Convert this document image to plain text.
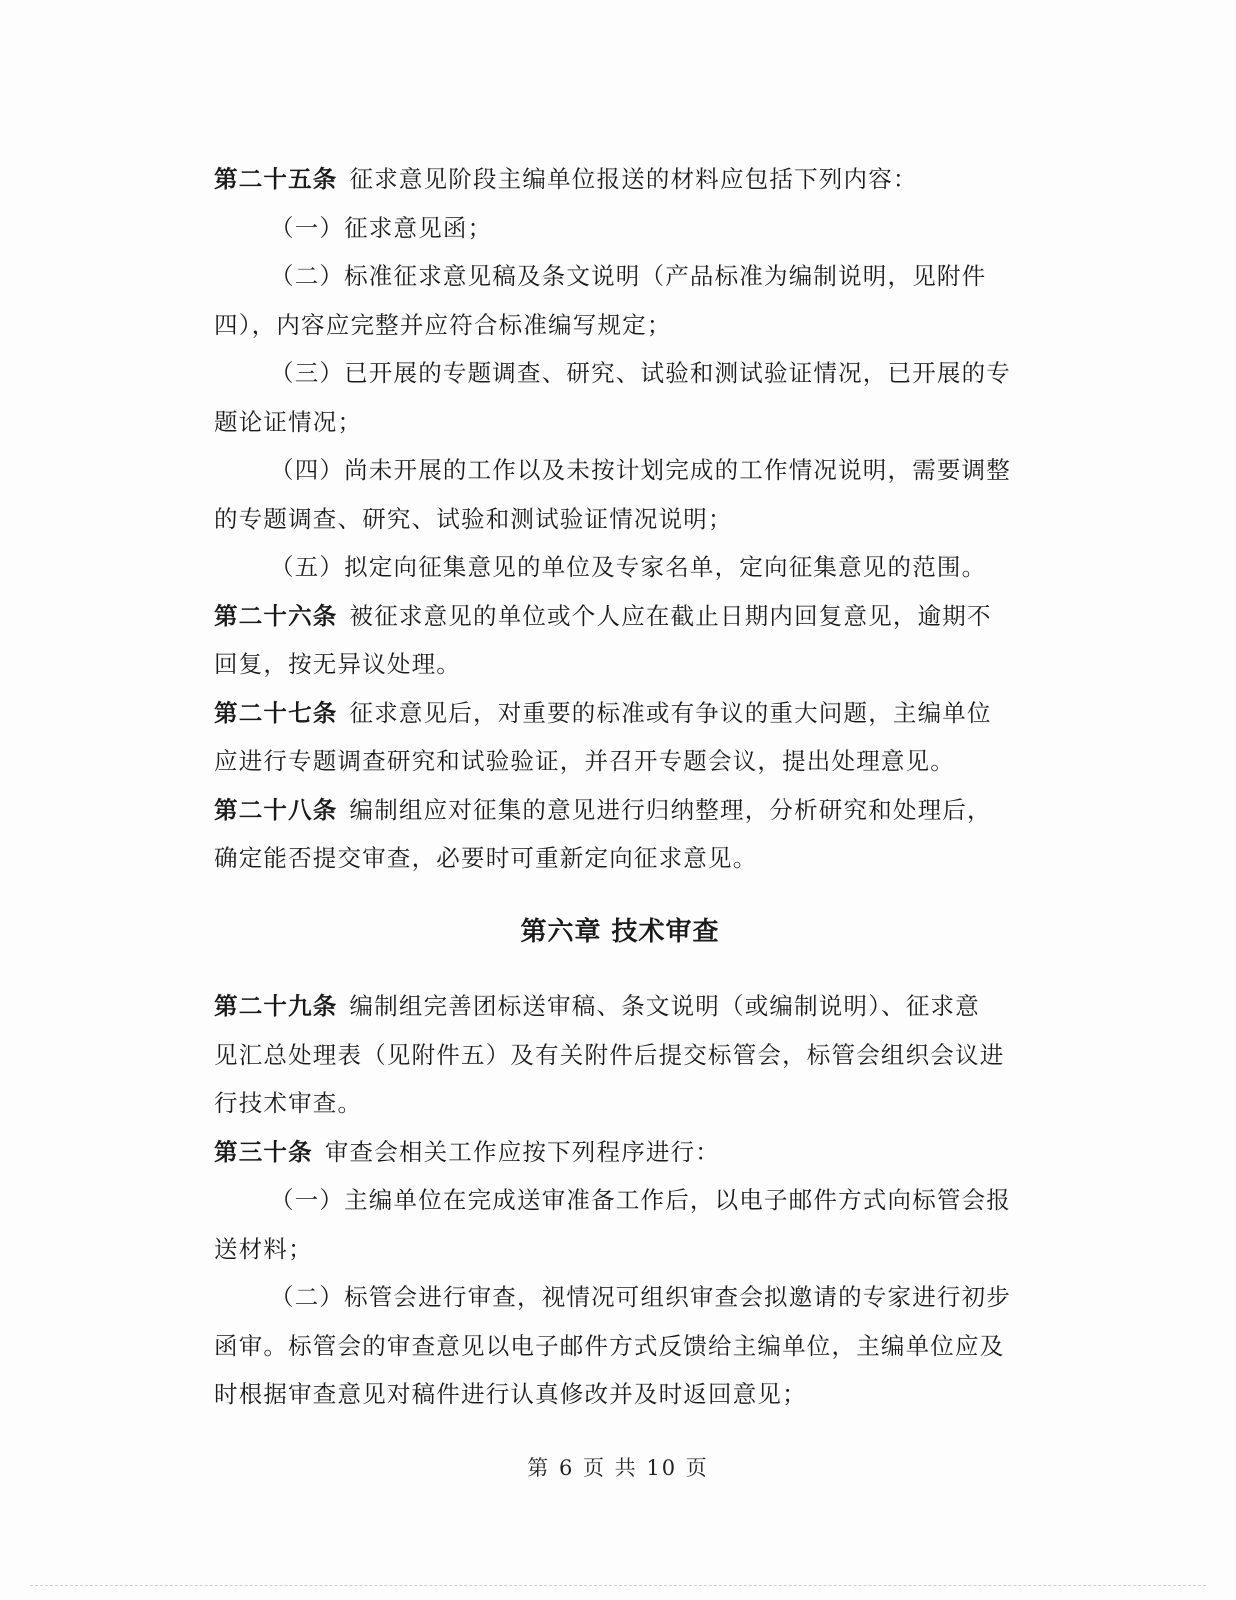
第二十五条 征求意见阶段主编单位报送的材料应包括下列内容：

（一）征求意见函；

（二）标准征求意见稿及条文说明（产品标准为编制说明，见附件

四），内容应完整并应符合标准编写规定；

（三）已开展的专题调查、研究、试验和测试验证情况，已开展的专

题论证情况；

（四）尚未开展的工作以及未按计划完成的工作情况说明，需要调整

的专题调查、研究、试验和测试验证情况说明；

（五）拟定向征集意见的单位及专家名单，定向征集意见的范围。

第二十六条 被征求意见的单位或个人应在截止日期内回复意见，逾期不

回复，按无异议处理。

第二十七条 征求意见后，对重要的标准或有争议的重大问题，主编单位

应进行专题调查研究和试验验证，并召开专题会议，提出处理意见。

第二十八条 编制组应对征集的意见进行归纳整理，分析研究和处理后，

确定能否提交审查，必要时可重新定向征求意见。

第六章 技术审查

第二十九条 编制组完善团标送审稿、条文说明（或编制说明）、征求意

见汇总处理表（见附件五）及有关附件后提交标管会，标管会组织会议进

行技术审查。

第三十条 审查会相关工作应按下列程序进行：

（一）主编单位在完成送审准备工作后，以电子邮件方式向标管会报

送材料；

（二）标管会进行审查，视情况可组织审查会拟邀请的专家进行初步

函审。标管会的审查意见以电子邮件方式反馈给主编单位，主编单位应及

时根据审查意见对稿件进行认真修改并及时返回意见；

第 6 页 共 10 页
